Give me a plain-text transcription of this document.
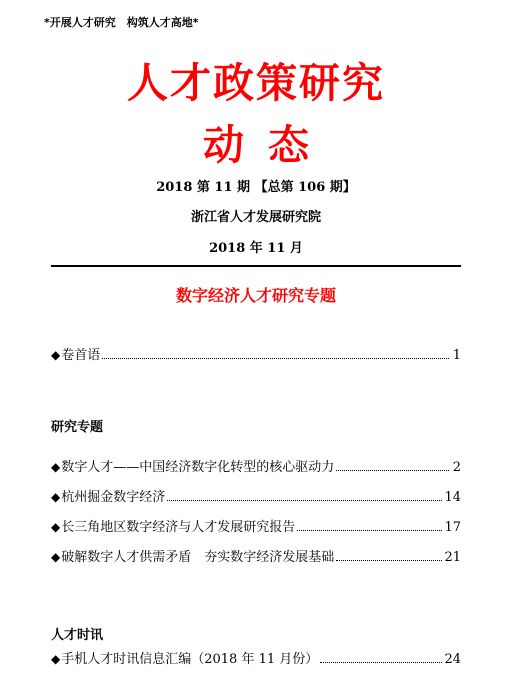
*开展人才研究　构筑人才高地*
人才政策研究
动态
2018 第 11 期 【总第 106 期】
浙江省人才发展研究院
2018 年 11 月
数字经济人才研究专题
◆ 卷首语	1
研究专题
◆ 数字人才——中国经济数字化转型的核心驱动力	2
◆ 杭州掘金数字经济	14
◆ 长三角地区数字经济与人才发展研究报告	17
◆ 破解数字人才供需矛盾　夯实数字经济发展基础	21
人才时讯
◆ 手机人才时讯信息汇编（2018 年 11 月份）	24
